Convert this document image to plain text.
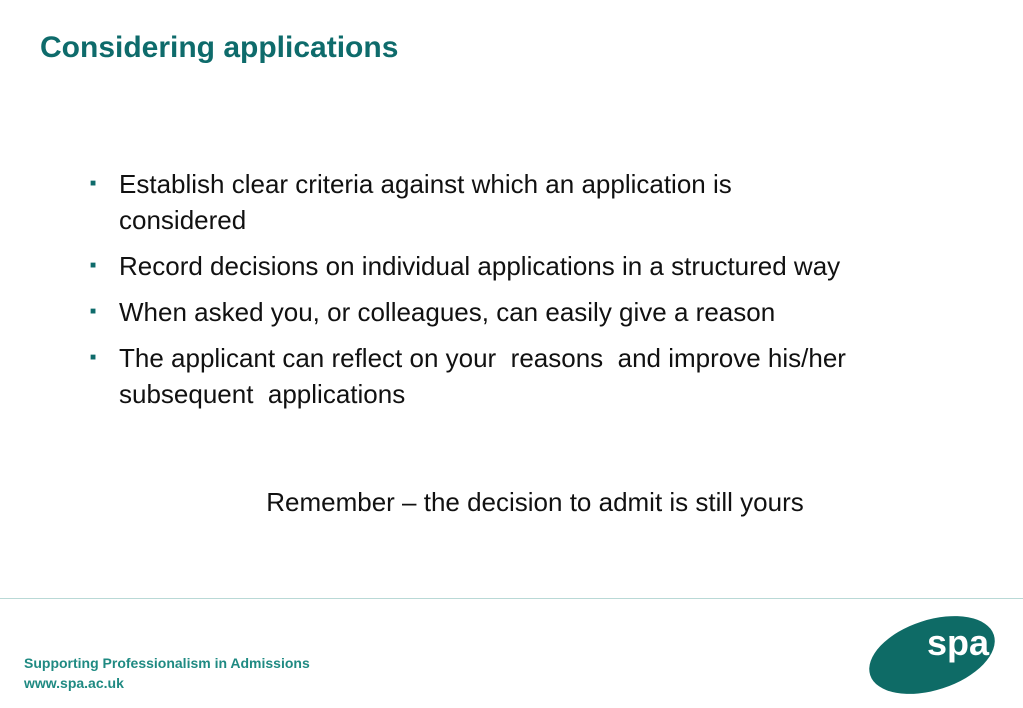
Considering applications
■ Establish clear criteria against which an application is
considered
■ Record decisions on individual applications in a structured way
■ When asked you, or colleagues, can easily give a reason
■ The applicant can reflect on your  reasons  and improve his/her
subsequent  applications
Remember – the decision to admit is still yours
Supporting Professionalism in Admissions
www.spa.ac.uk
spa
